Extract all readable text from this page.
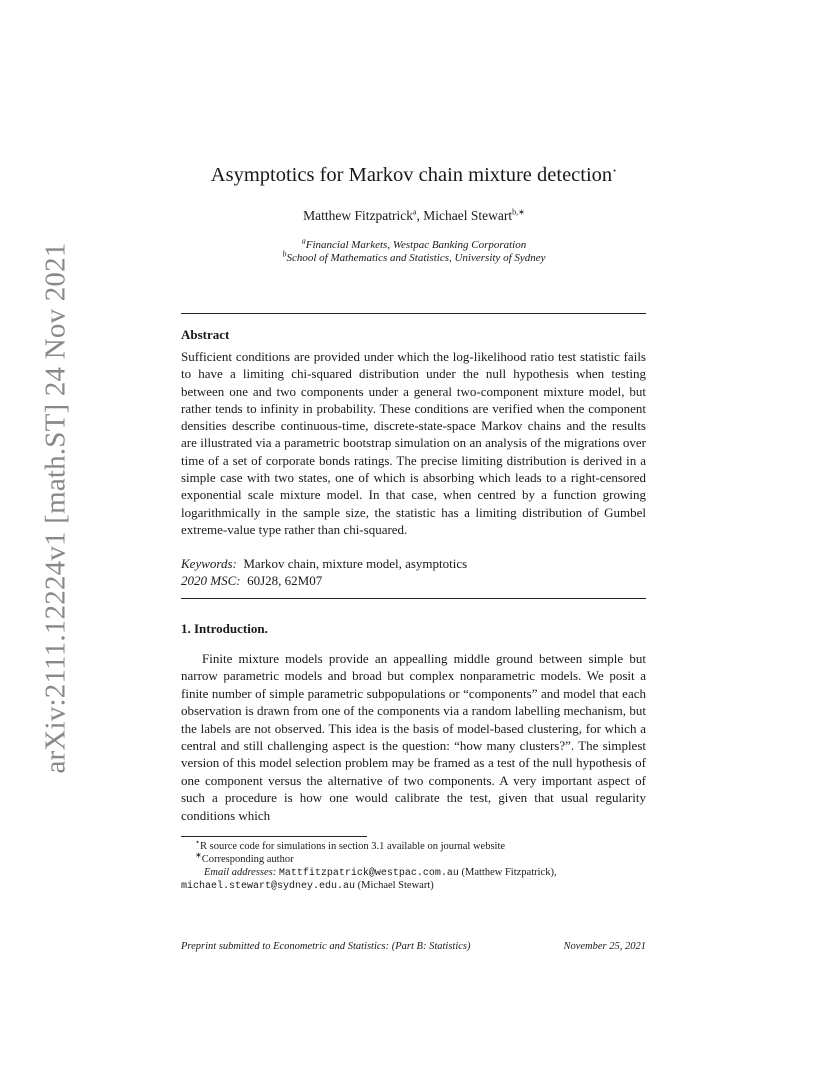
arXiv:2111.12224v1 [math.ST] 24 Nov 2021
Asymptotics for Markov chain mixture detection⋆
Matthew Fitzpatrick$^a$, Michael Stewart$^{b,∗}$
$^a$Financial Markets, Westpac Banking Corporation
$^b$School of Mathematics and Statistics, University of Sydney
Abstract
Sufficient conditions are provided under which the log-likelihood ratio test statistic fails to have a limiting chi-squared distribution under the null hypothesis when testing between one and two components under a general two-component mixture model, but rather tends to infinity in probability. These conditions are verified when the component densities describe continuous-time, discrete-state-space Markov chains and the results are illustrated via a parametric bootstrap simulation on an analysis of the migrations over time of a set of corporate bonds ratings. The precise limiting distribution is derived in a simple case with two states, one of which is absorbing which leads to a right-censored exponential scale mixture model. In that case, when centred by a function growing logarithmically in the sample size, the statistic has a limiting distribution of Gumbel extreme-value type rather than chi-squared.
Keywords: Markov chain, mixture model, asymptotics
2020 MSC: 60J28, 62M07
1. Introduction.
Finite mixture models provide an appealling middle ground between simple but narrow parametric models and broad but complex nonparametric models. We posit a finite number of simple parametric subpopulations or “components” and model that each observation is drawn from one of the components via a random labelling mechanism, but the labels are not observed. This idea is the basis of model-based clustering, for which a central and still challenging aspect is the question: “how many clusters?”. The simplest version of this model selection problem may be framed as a test of the null hypothesis of one component versus the alternative of two components. A very important aspect of such a procedure is how one would calibrate the test, given that usual regularity conditions which
⋆R source code for simulations in section 3.1 available on journal website
∗Corresponding author
Email addresses: Mattfitzpatrick@westpac.com.au (Matthew Fitzpatrick),
michael.stewart@sydney.edu.au (Michael Stewart)
Preprint submitted to Econometric and Statistics: (Part B: Statistics)	November 25, 2021
